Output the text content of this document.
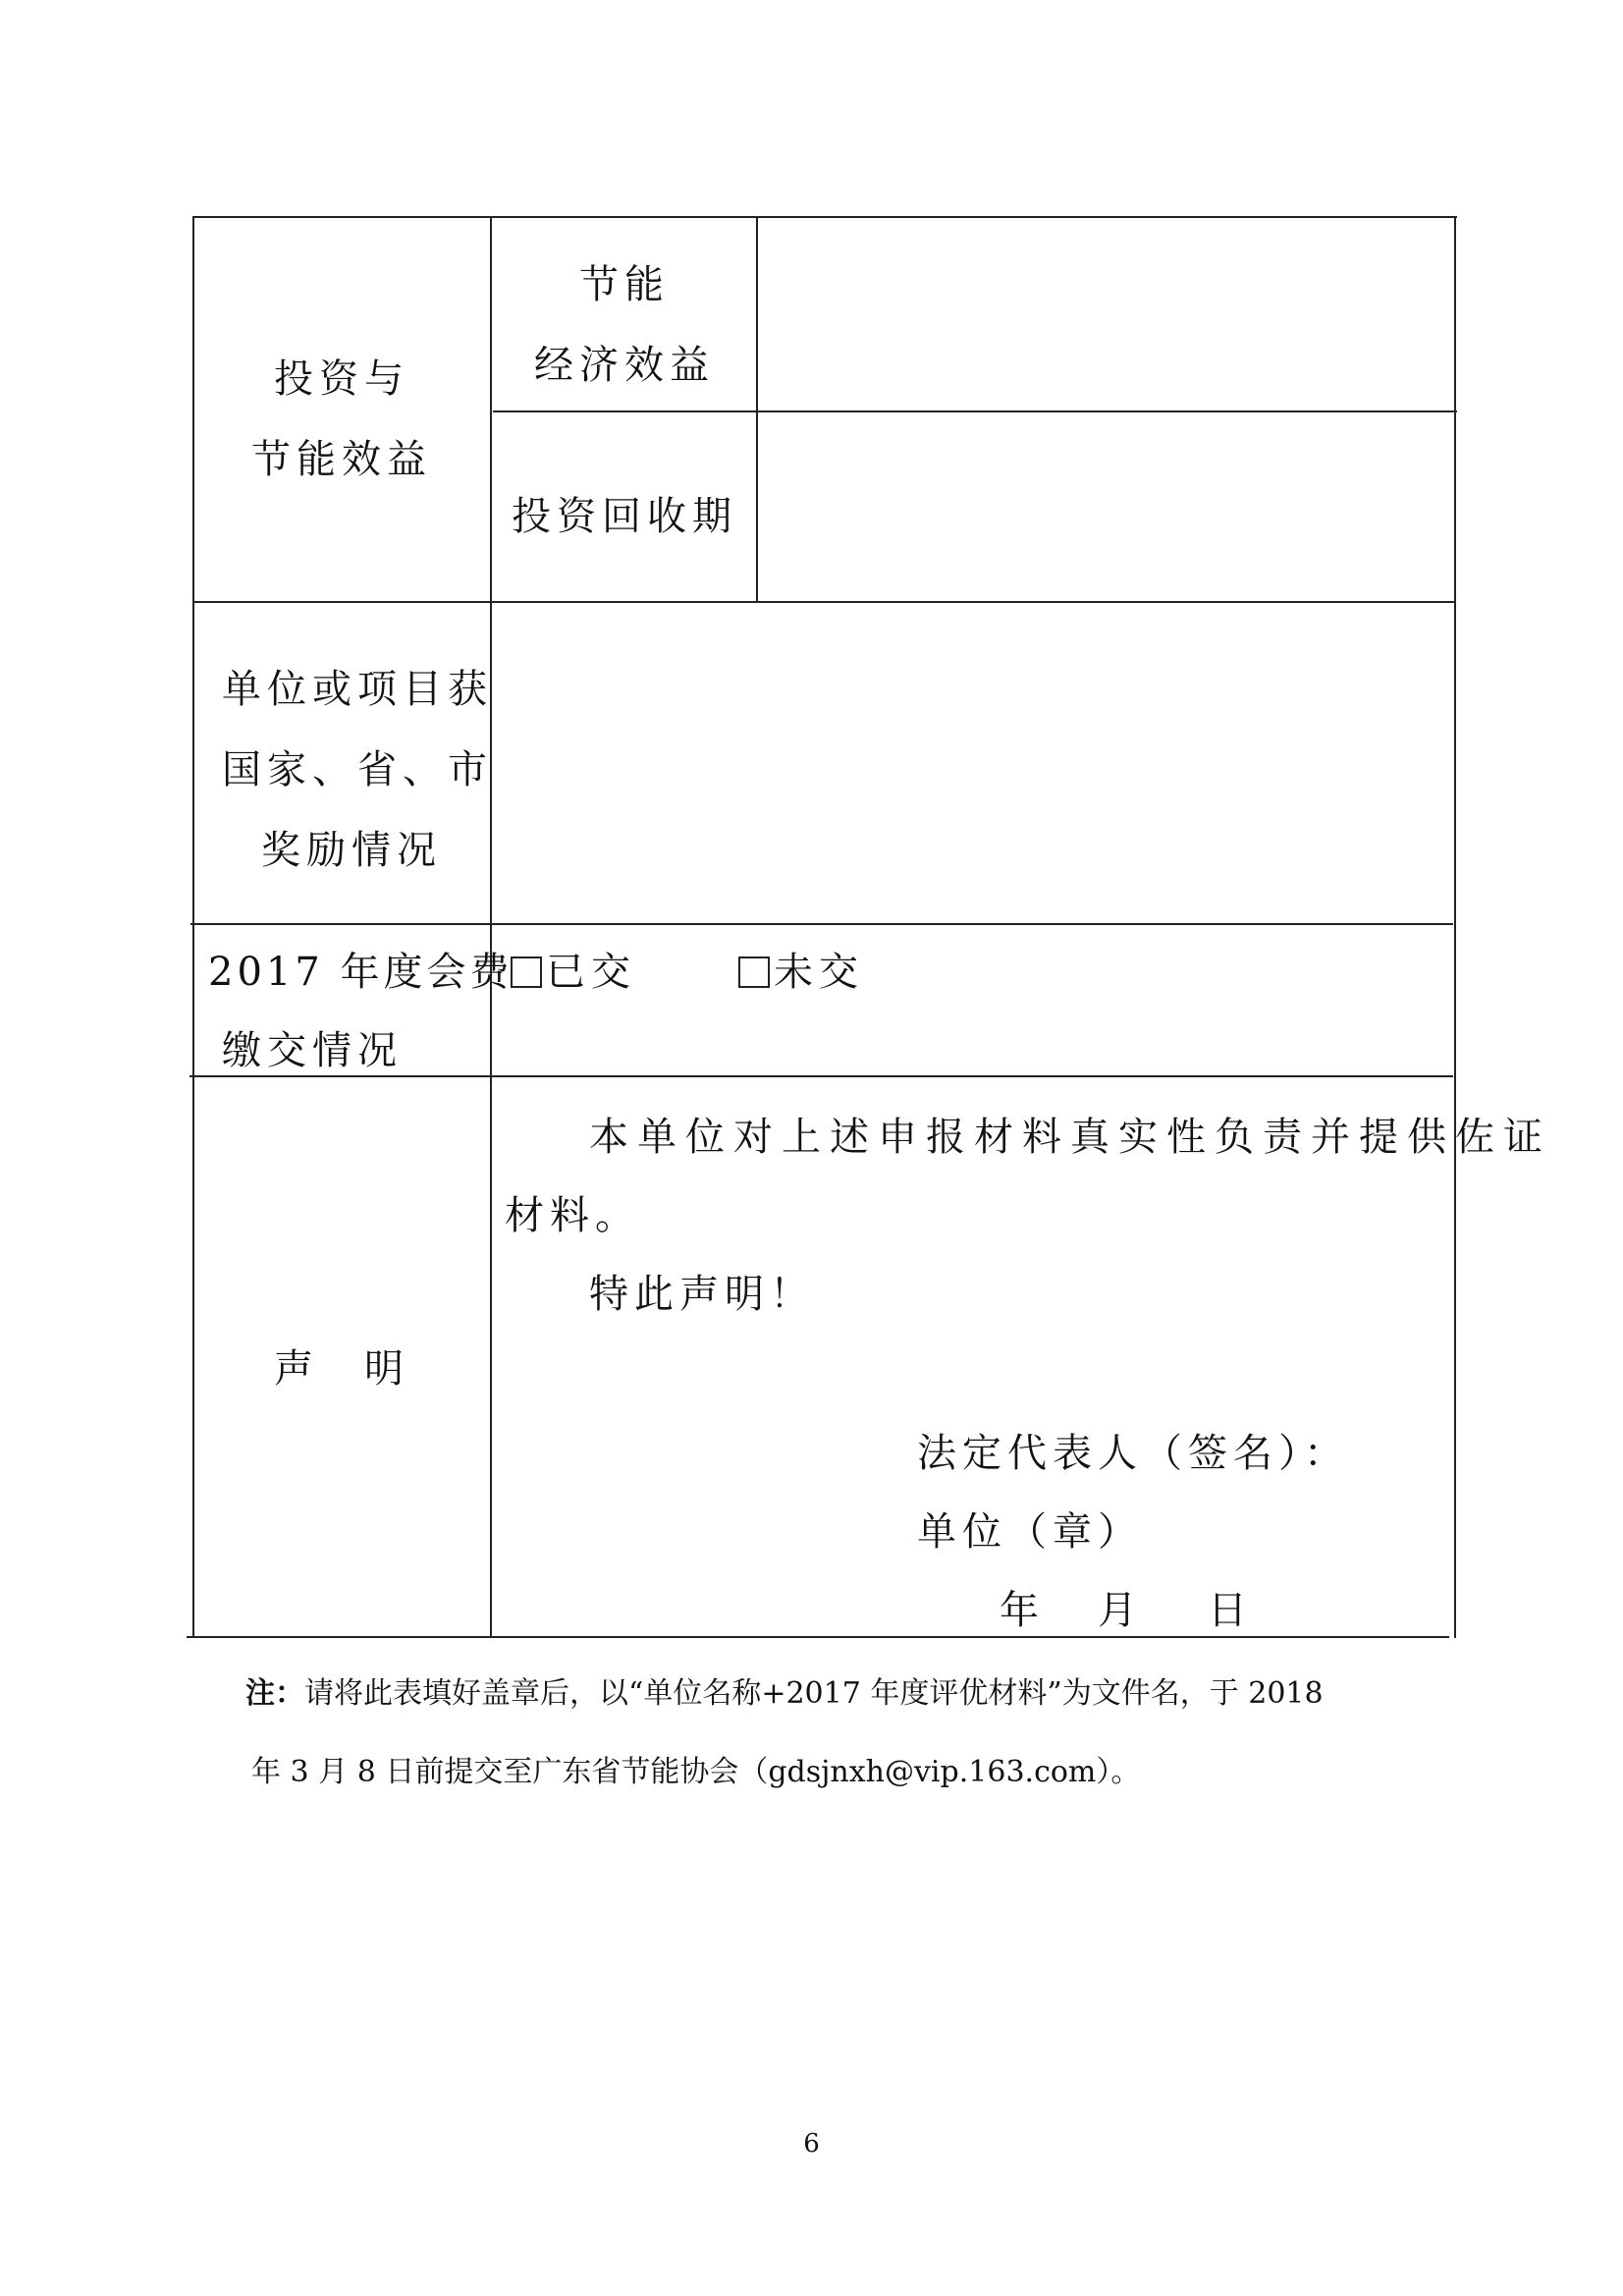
投资与
节能效益
节能
经济效益
投资回收期
单位或项目获
国家、省、市
奖励情况
2017 年度会费
缴交情况
已交	未交
声　明
本单位对上述申报材料真实性负责并提供佐证
材料。
特此声明！
法定代表人（签名）：
单位（章）
年 月 日
注：请将此表填好盖章后，以“单位名称+2017 年度评优材料”为文件名，于 2018
年 3 月 8 日前提交至广东省节能协会（gdsjnxh@vip.163.com）。
6
